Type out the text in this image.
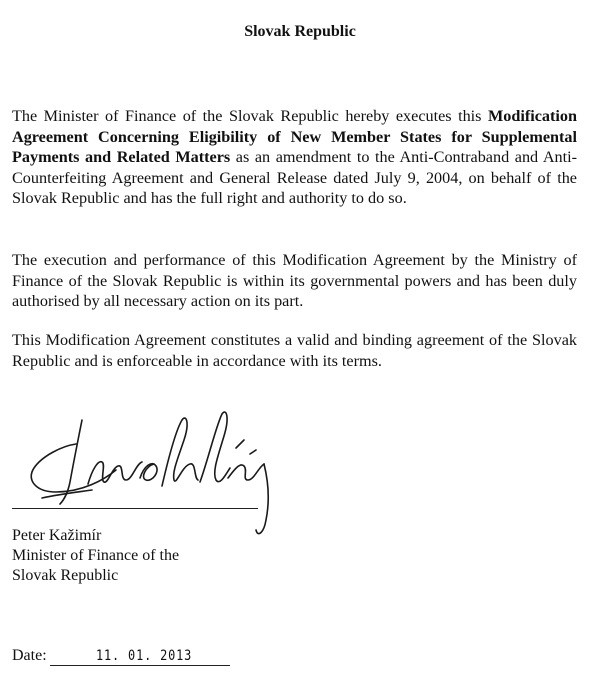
Slovak Republic

The Minister of Finance of the Slovak Republic hereby executes this Modification Agreement Concerning Eligibility of New Member States for Supplemental Payments and Related Matters as an amendment to the Anti-Contraband and Anti-Counterfeiting Agreement and General Release dated July 9, 2004, on behalf of the Slovak Republic and has the full right and authority to do so.

The execution and performance of this Modification Agreement by the Ministry of Finance of the Slovak Republic is within its governmental powers and has been duly authorised by all necessary action on its part.

This Modification Agreement constitutes a valid and binding agreement of the Slovak Republic and is enforceable in accordance with its terms.

Peter Kažimír
Minister of Finance of the
Slovak Republic
Date:	11. 01. 2013
